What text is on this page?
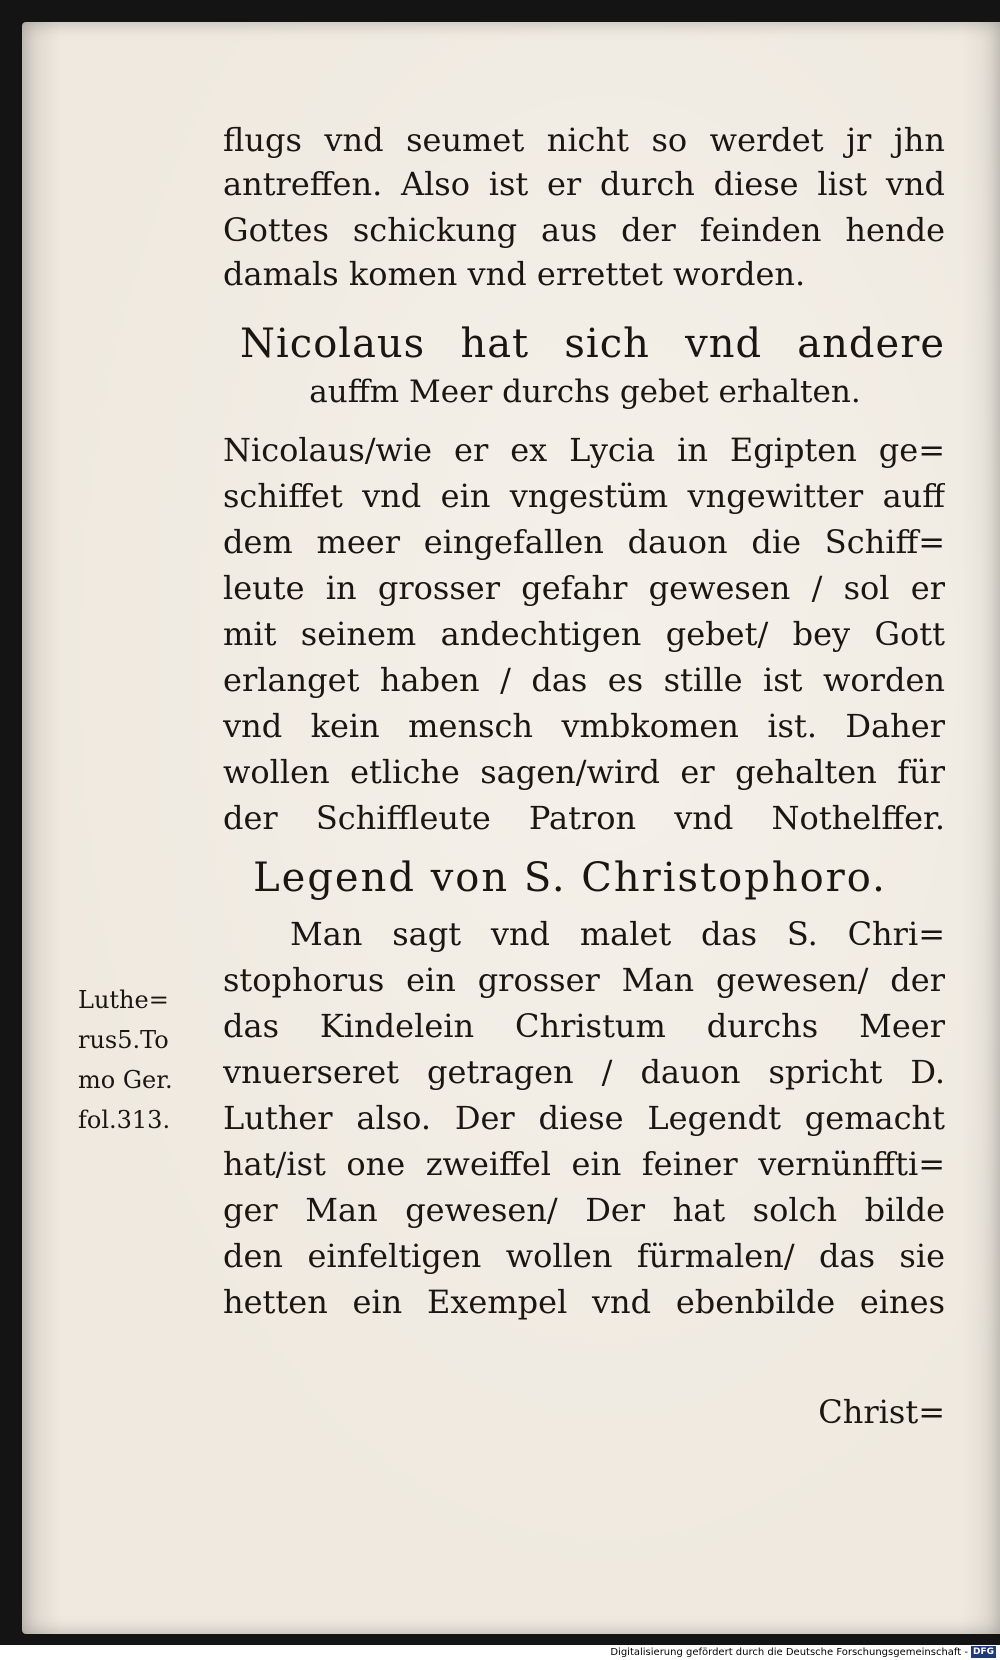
flugs vnd seumet nicht so werdet jr jhn

antreffen. Also ist er durch diese list vnd

Gottes schickung aus der feinden hende

damals komen vnd errettet worden.

Nicolaus hat sich vnd andere

auffm Meer durchs gebet erhalten.

Nicolaus/wie er ex Lycia in Egipten ge=

schiffet vnd ein vngestüm vngewitter auff

dem meer eingefallen dauon die Schiff=

leute in grosser gefahr gewesen / sol er

mit seinem andechtigen gebet/ bey Gott

erlanget haben / das es stille ist worden

vnd kein mensch vmbkomen ist. Daher

wollen etliche sagen/wird er gehalten für

der Schiffleute Patron vnd Nothelffer.

Legend von S. Christophoro.

Man sagt vnd malet das S. Chri=

stophorus ein grosser Man gewesen/ der

das Kindelein Christum durchs Meer

vnuerseret getragen / dauon spricht D.

Luther also. Der diese Legendt gemacht

hat/ist one zweiffel ein feiner vernünffti=

ger Man gewesen/ Der hat solch bilde

den einfeltigen wollen fürmalen/ das sie

hetten ein Exempel vnd ebenbilde eines

Christ=

Luthe=
rus5.To
mo Ger.
fol.313.
Digitalisierung gefördert durch die Deutsche Forschungsgemeinschaft - DFG
